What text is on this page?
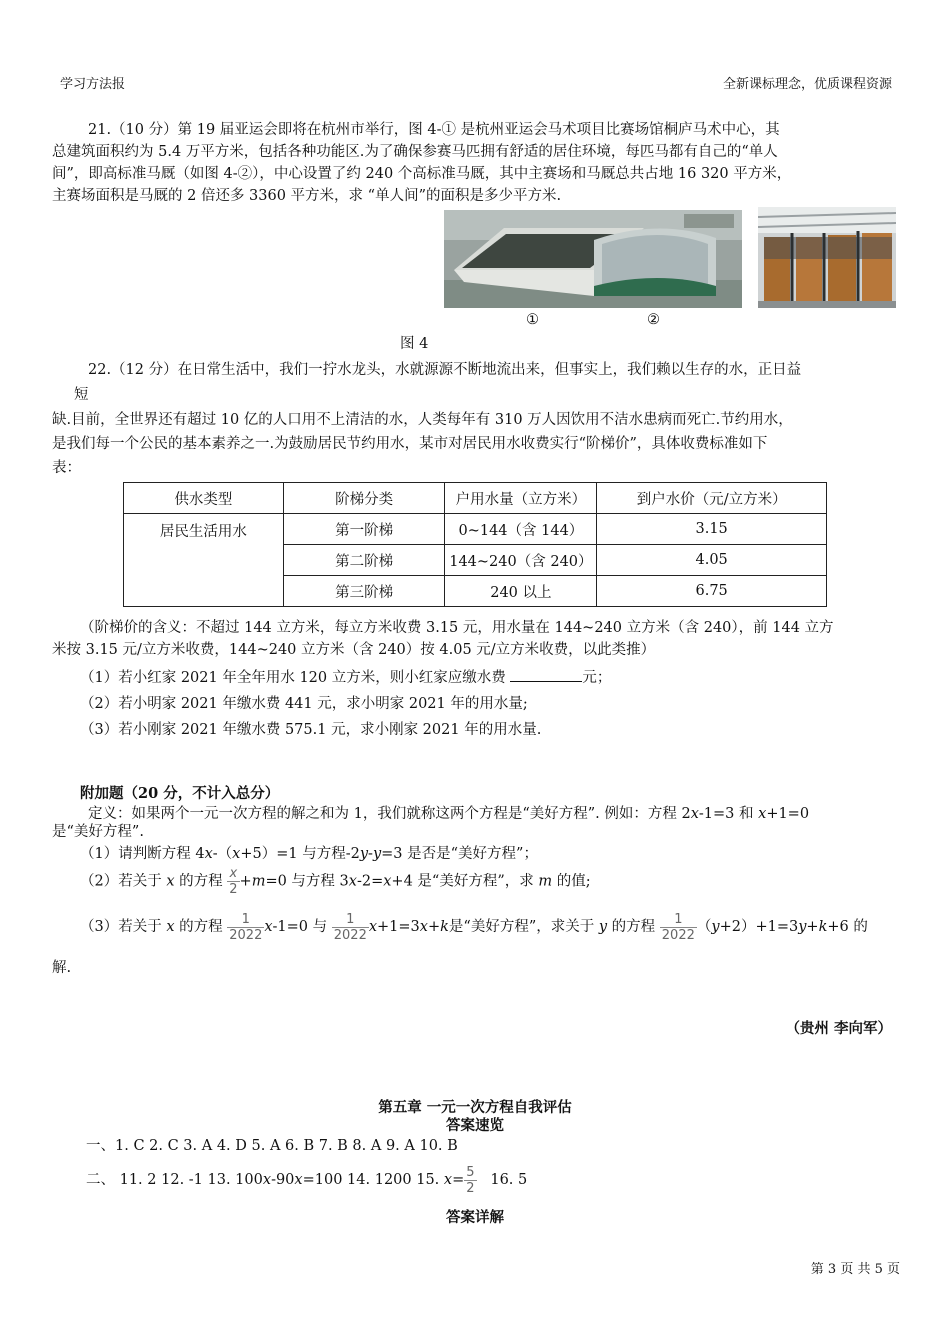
学习方法报	全新课标理念，优质课程资源
21.（10 分）第 19 届亚运会即将在杭州市举行，图 4-① 是杭州亚运会马术项目比赛场馆桐庐马术中心，其
总建筑面积约为 5.4 万平方米，包括各种功能区.为了确保参赛马匹拥有舒适的居住环境，每匹马都有自己的“单人
间”，即高标准马厩（如图 4-②），中心设置了约 240 个高标准马厩，其中主赛场和马厩总共占地 16 320 平方米，
主赛场面积是马厩的 2 倍还多 3360 平方米，求 “单人间”的面积是多少平方米.
①	②
图 4
22.（12 分）在日常生活中，我们一拧水龙头，水就源源不断地流出来，但事实上，我们赖以生存的水，正日益
短
缺.目前，全世界还有超过 10 亿的人口用不上清洁的水，人类每年有 310 万人因饮用不洁水患病而死亡.节约用水，
是我们每一个公民的基本素养之一.为鼓励居民节约用水，某市对居民用水收费实行“阶梯价”，具体收费标准如下
表：
供水类型	阶梯分类	户用水量（立方米）	到户水价（元/立方米）
居民生活用水	第一阶梯	0~144（含 144）	3.15
	第二阶梯	144~240（含 240）	4.05
	第三阶梯	240 以上	6.75
（阶梯价的含义：不超过 144 立方米，每立方米收费 3.15 元，用水量在 144~240 立方米（含 240），前 144 立方
米按 3.15 元/立方米收费，144~240 立方米（含 240）按 4.05 元/立方米收费，以此类推）
（1）若小红家 2021 年全年用水 120 立方米，则小红家应缴水费	元；
（2）若小明家 2021 年缴水费 441 元，求小明家 2021 年的用水量;
（3）若小刚家 2021 年缴水费 575.1 元，求小刚家 2021 年的用水量.
附加题（20 分，不计入总分）
定义：如果两个一元一次方程的解之和为 1，我们就称这两个方程是“美好方程”. 例如：方程 2x-1=3 和 x+1=0
是“美好方程”.
（1）请判断方程 4x-（x+5）=1 与方程-2y-y=3 是否是“美好方程”；
（2）若关于 x 的方程 $\frac{x}{2} +m=0$ 与方程 3x-2=x+4 是“美好方程”，求 m 的值;
（3）若关于 x 的方程 $\frac{1}{2022} x-1=0$ 与 $\frac{1}{2022} x+1=3x+k$是“美好方程”，求关于 y 的方程 $\frac{1}{2022} (y+2)+1=3y+k+6$ 的
解.
（贵州 李向军）
第五章 一元一次方程自我评估
答案速览
一、1. C 2. C 3. A 4. D 5. A 6. B 7. B 8. A 9. A 10. B
二、 11. 2 12. -1 13. 100x-90x=100 14. 1200 15. $x= \frac{5}{2} 16$. 5
答案详解
第 3 页 共 5 页
